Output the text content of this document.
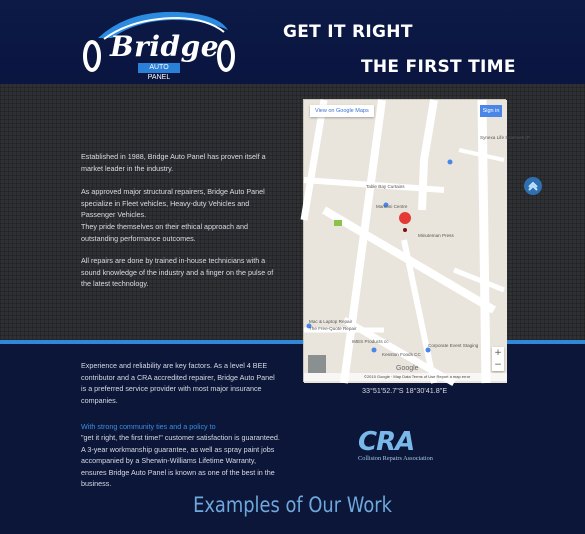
Bridge
AUTO PANEL
GET IT RIGHT
THE FIRST TIME
Established in 1988, Bridge Auto Panel has proven itself a market leader in the industry.
As approved major structural repairers, Bridge Auto Panel specialize in Fleet vehicles, Heavy-duty Vehicles and Passenger Vehicles.
They pride themselves on their ethical approach and outstanding performance outcomes.
All repairs are done by trained in-house technicians with a sound knowledge of the industry and a finger on the pulse of the latest technology.
Experience and reliability are key factors. As a level 4 BEE contributor and a CRA accredited repairer, Bridge Auto Panel is a preferred service provider with most major insurance companies.
With strong community ties and a policy to
"get it right, the first time!" customer satisfaction is guaranteed. A 3-year workmanship guarantee, as well as spray paint jobs accompanied by a Sherwin-Williams Lifetime Warranty, ensures Bridge Auto Panel is known as one of the best in the business.
View on Google Maps	Sign in
Table Bay Curtains
Marconi Centre
Minuteman Press
Mac & Laptop Repair
The Free-Quote Repair
IMES Products cc
Corporate Event Staging
Kenston Foods CC
Synexa Life Sciences (P
Google
+
−
©2015 Google · Map Data Terms of Use Report a map error
33°51'52.7"S 18°30'41.8"E
CRA
Collision Repairs Association
Examples of Our Work
